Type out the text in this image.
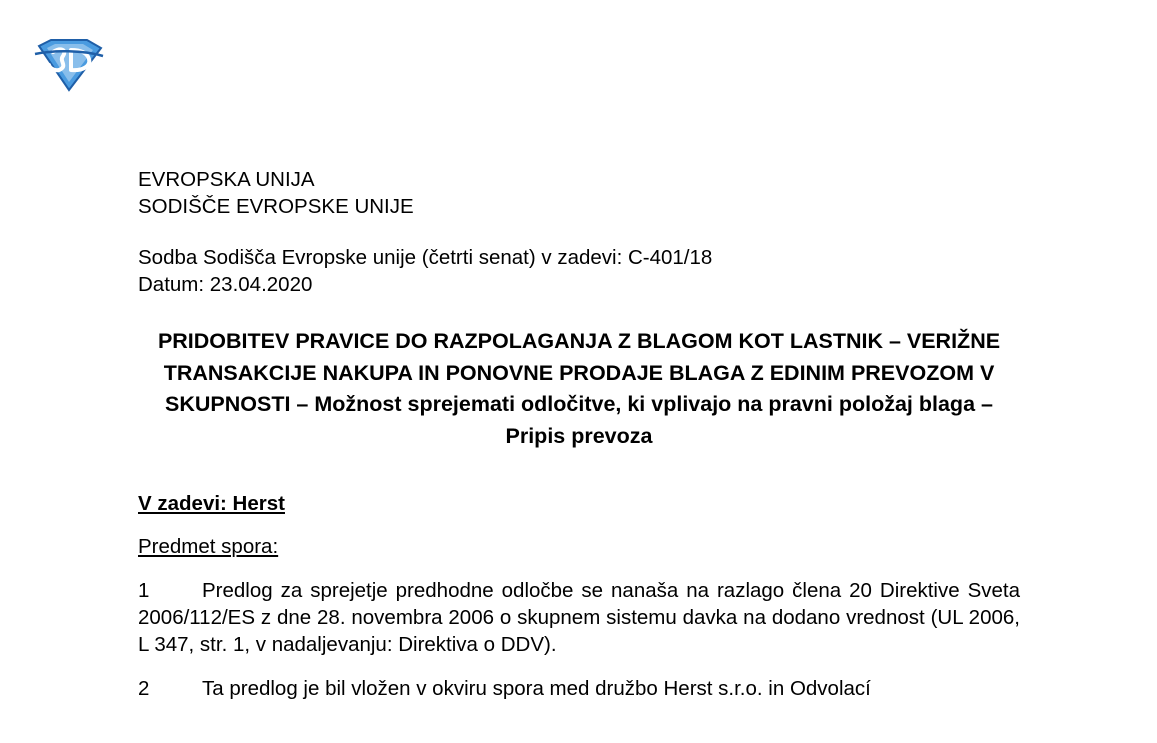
EVROPSKA UNIJA
SODIŠČE EVROPSKE UNIJE
Sodba Sodišča Evropske unije (četrti senat) v zadevi: C-401/18
Datum: 23.04.2020
PRIDOBITEV PRAVICE DO RAZPOLAGANJA Z BLAGOM KOT LASTNIK – VERIŽNE TRANSAKCIJE NAKUPA IN PONOVNE PRODAJE BLAGA Z EDINIM PREVOZOM V SKUPNOSTI – Možnost sprejemati odločitve, ki vplivajo na pravni položaj blaga – Pripis prevoza
V zadevi: Herst
Predmet spora:
1	Predlog za sprejetje predhodne odločbe se nanaša na razlago člena 20 Direktive Sveta 2006/112/ES z dne 28. novembra 2006 o skupnem sistemu davka na dodano vrednost (UL 2006, L 347, str. 1, v nadaljevanju: Direktiva o DDV).
2	Ta predlog je bil vložen v okviru spora med družbo Herst s.r.o. in Odvolací
